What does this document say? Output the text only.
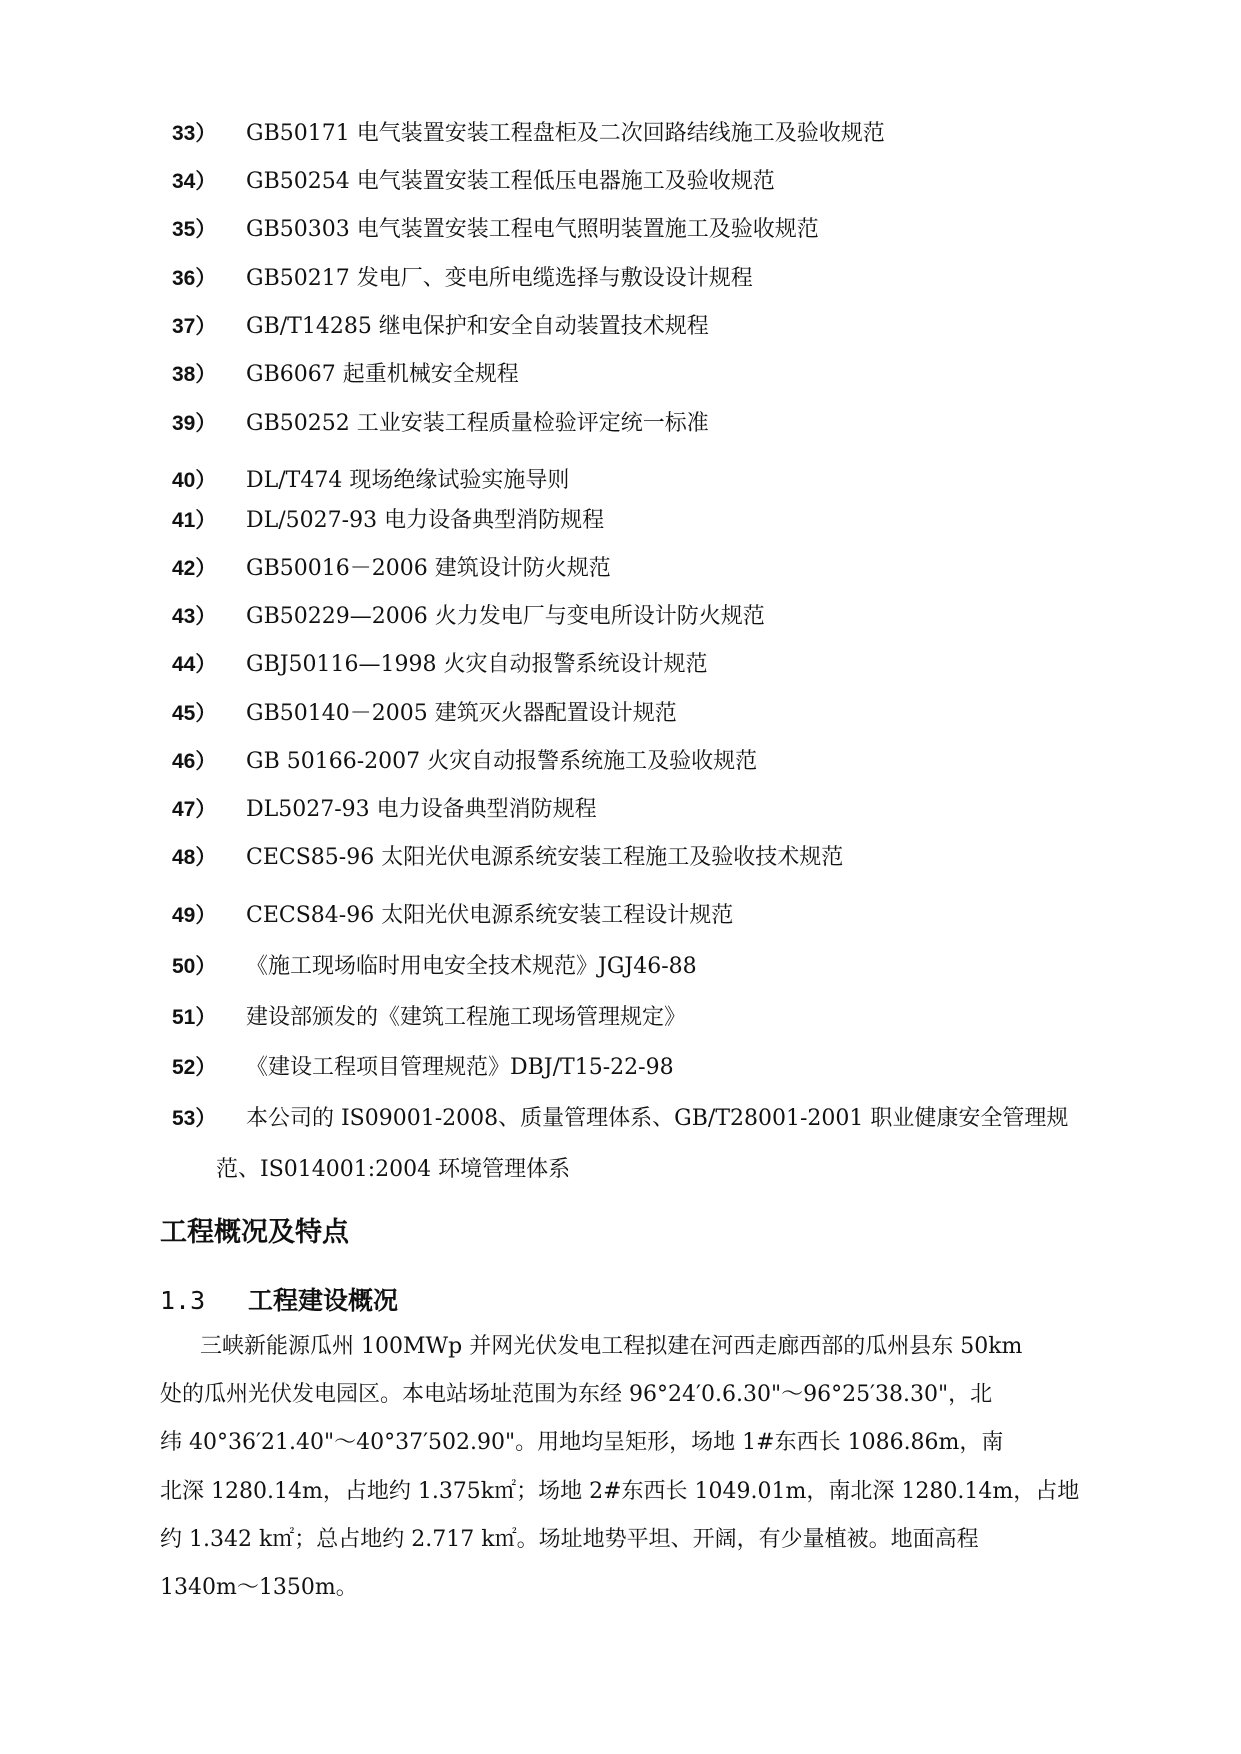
33） GB50171 电气装置安装工程盘柜及二次回路结线施工及验收规范
34） GB50254 电气装置安装工程低压电器施工及验收规范
35） GB50303 电气装置安装工程电气照明装置施工及验收规范
36） GB50217 发电厂、变电所电缆选择与敷设设计规程
37） GB/T14285 继电保护和安全自动装置技术规程
38） GB6067 起重机械安全规程
39） GB50252 工业安装工程质量检验评定统一标准
40） DL/T474 现场绝缘试验实施导则
41） DL/5027-93 电力设备典型消防规程
42） GB50016－2006 建筑设计防火规范
43） GB50229—2006 火力发电厂与变电所设计防火规范
44） GBJ50116—1998 火灾自动报警系统设计规范
45） GB50140－2005 建筑灭火器配置设计规范
46） GB 50166-2007 火灾自动报警系统施工及验收规范
47） DL5027-93 电力设备典型消防规程
48） CECS85-96 太阳光伏电源系统安装工程施工及验收技术规范
49） CECS84-96 太阳光伏电源系统安装工程设计规范
50） 《施工现场临时用电安全技术规范》JGJ46-88
51） 建设部颁发的《建筑工程施工现场管理规定》
52） 《建设工程项目管理规范》DBJ/T15-22-98
53） 本公司的 IS09001-2008、质量管理体系、GB/T28001-2001 职业健康安全管理规
范、IS014001:2004 环境管理体系
工程概况及特点
1.3 工程建设概况
三峡新能源瓜州 100MWp 并网光伏发电工程拟建在河西走廊西部的瓜州县东 50km
处的瓜州光伏发电园区。本电站场址范围为东经 96°24′0.6.30"～96°25′38.30"，北
纬 40°36′21.40"～40°37′502.90"。用地均呈矩形，场地 1#东西长 1086.86m，南
北深 1280.14m，占地约 1.375k㎡；场地 2#东西长 1049.01m，南北深 1280.14m，占地
约 1.342 k㎡；总占地约 2.717 k㎡。场址地势平坦、开阔，有少量植被。地面高程
1340m～1350m。
